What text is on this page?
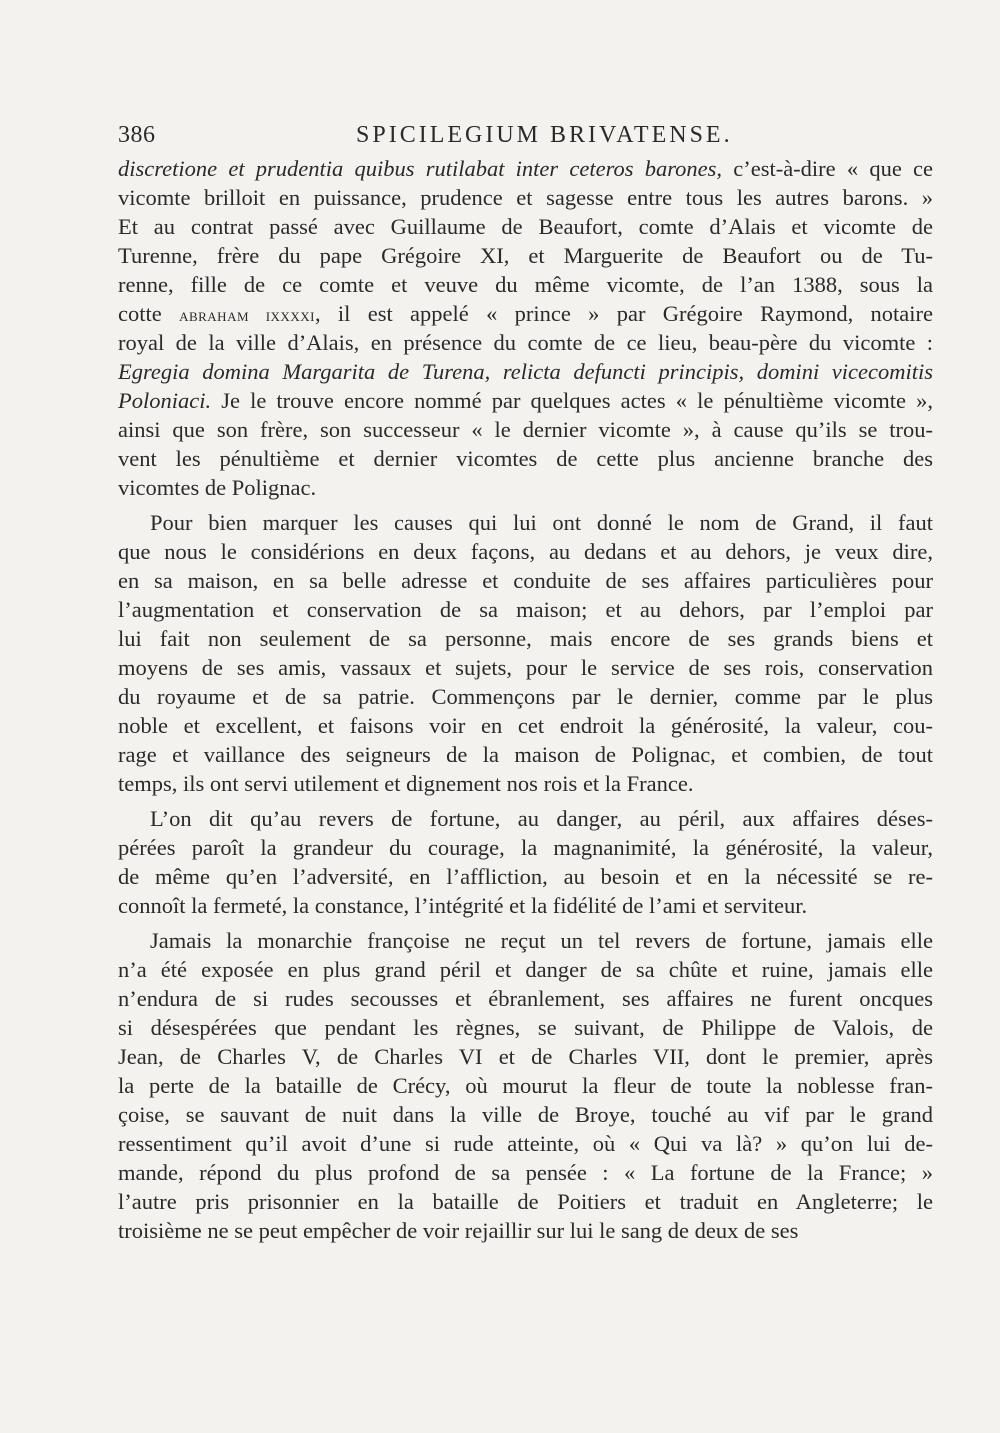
386	SPICILEGIUM BRIVATENSE.
discretione et prudentia quibus rutilabat inter ceteros barones, c’est-à-dire « que ce
vicomte brilloit en puissance, prudence et sagesse entre tous les autres barons. »
Et au contrat passé avec Guillaume de Beaufort, comte d’Alais et vicomte de
Turenne, frère du pape Grégoire XI, et Marguerite de Beaufort ou de Tu-
renne, fille de ce comte et veuve du même vicomte, de l’an 1388, sous la
cotte abraham ixxxxi, il est appelé « prince » par Grégoire Raymond, notaire
royal de la ville d’Alais, en présence du comte de ce lieu, beau-père du vicomte :
Egregia domina Margarita de Turena, relicta defuncti principis, domini vicecomitis
Poloniaci. Je le trouve encore nommé par quelques actes « le pénultième vicomte »,
ainsi que son frère, son successeur « le dernier vicomte », à cause qu’ils se trou-
vent les pénultième et dernier vicomtes de cette plus ancienne branche des
vicomtes de Polignac.
Pour bien marquer les causes qui lui ont donné le nom de Grand, il faut
que nous le considérions en deux façons, au dedans et au dehors, je veux dire,
en sa maison, en sa belle adresse et conduite de ses affaires particulières pour
l’augmentation et conservation de sa maison; et au dehors, par l’emploi par
lui fait non seulement de sa personne, mais encore de ses grands biens et
moyens de ses amis, vassaux et sujets, pour le service de ses rois, conservation
du royaume et de sa patrie. Commençons par le dernier, comme par le plus
noble et excellent, et faisons voir en cet endroit la générosité, la valeur, cou-
rage et vaillance des seigneurs de la maison de Polignac, et combien, de tout
temps, ils ont servi utilement et dignement nos rois et la France.
L’on dit qu’au revers de fortune, au danger, au péril, aux affaires déses-
pérées paroît la grandeur du courage, la magnanimité, la générosité, la valeur,
de même qu’en l’adversité, en l’affliction, au besoin et en la nécessité se re-
connoît la fermeté, la constance, l’intégrité et la fidélité de l’ami et serviteur.
Jamais la monarchie françoise ne reçut un tel revers de fortune, jamais elle
n’a été exposée en plus grand péril et danger de sa chûte et ruine, jamais elle
n’endura de si rudes secousses et ébranlement, ses affaires ne furent oncques
si désespérées que pendant les règnes, se suivant, de Philippe de Valois, de
Jean, de Charles V, de Charles VI et de Charles VII, dont le premier, après
la perte de la bataille de Crécy, où mourut la fleur de toute la noblesse fran-
çoise, se sauvant de nuit dans la ville de Broye, touché au vif par le grand
ressentiment qu’il avoit d’une si rude atteinte, où « Qui va là? » qu’on lui de-
mande, répond du plus profond de sa pensée : « La fortune de la France; »
l’autre pris prisonnier en la bataille de Poitiers et traduit en Angleterre; le
troisième ne se peut empêcher de voir rejaillir sur lui le sang de deux de ses
